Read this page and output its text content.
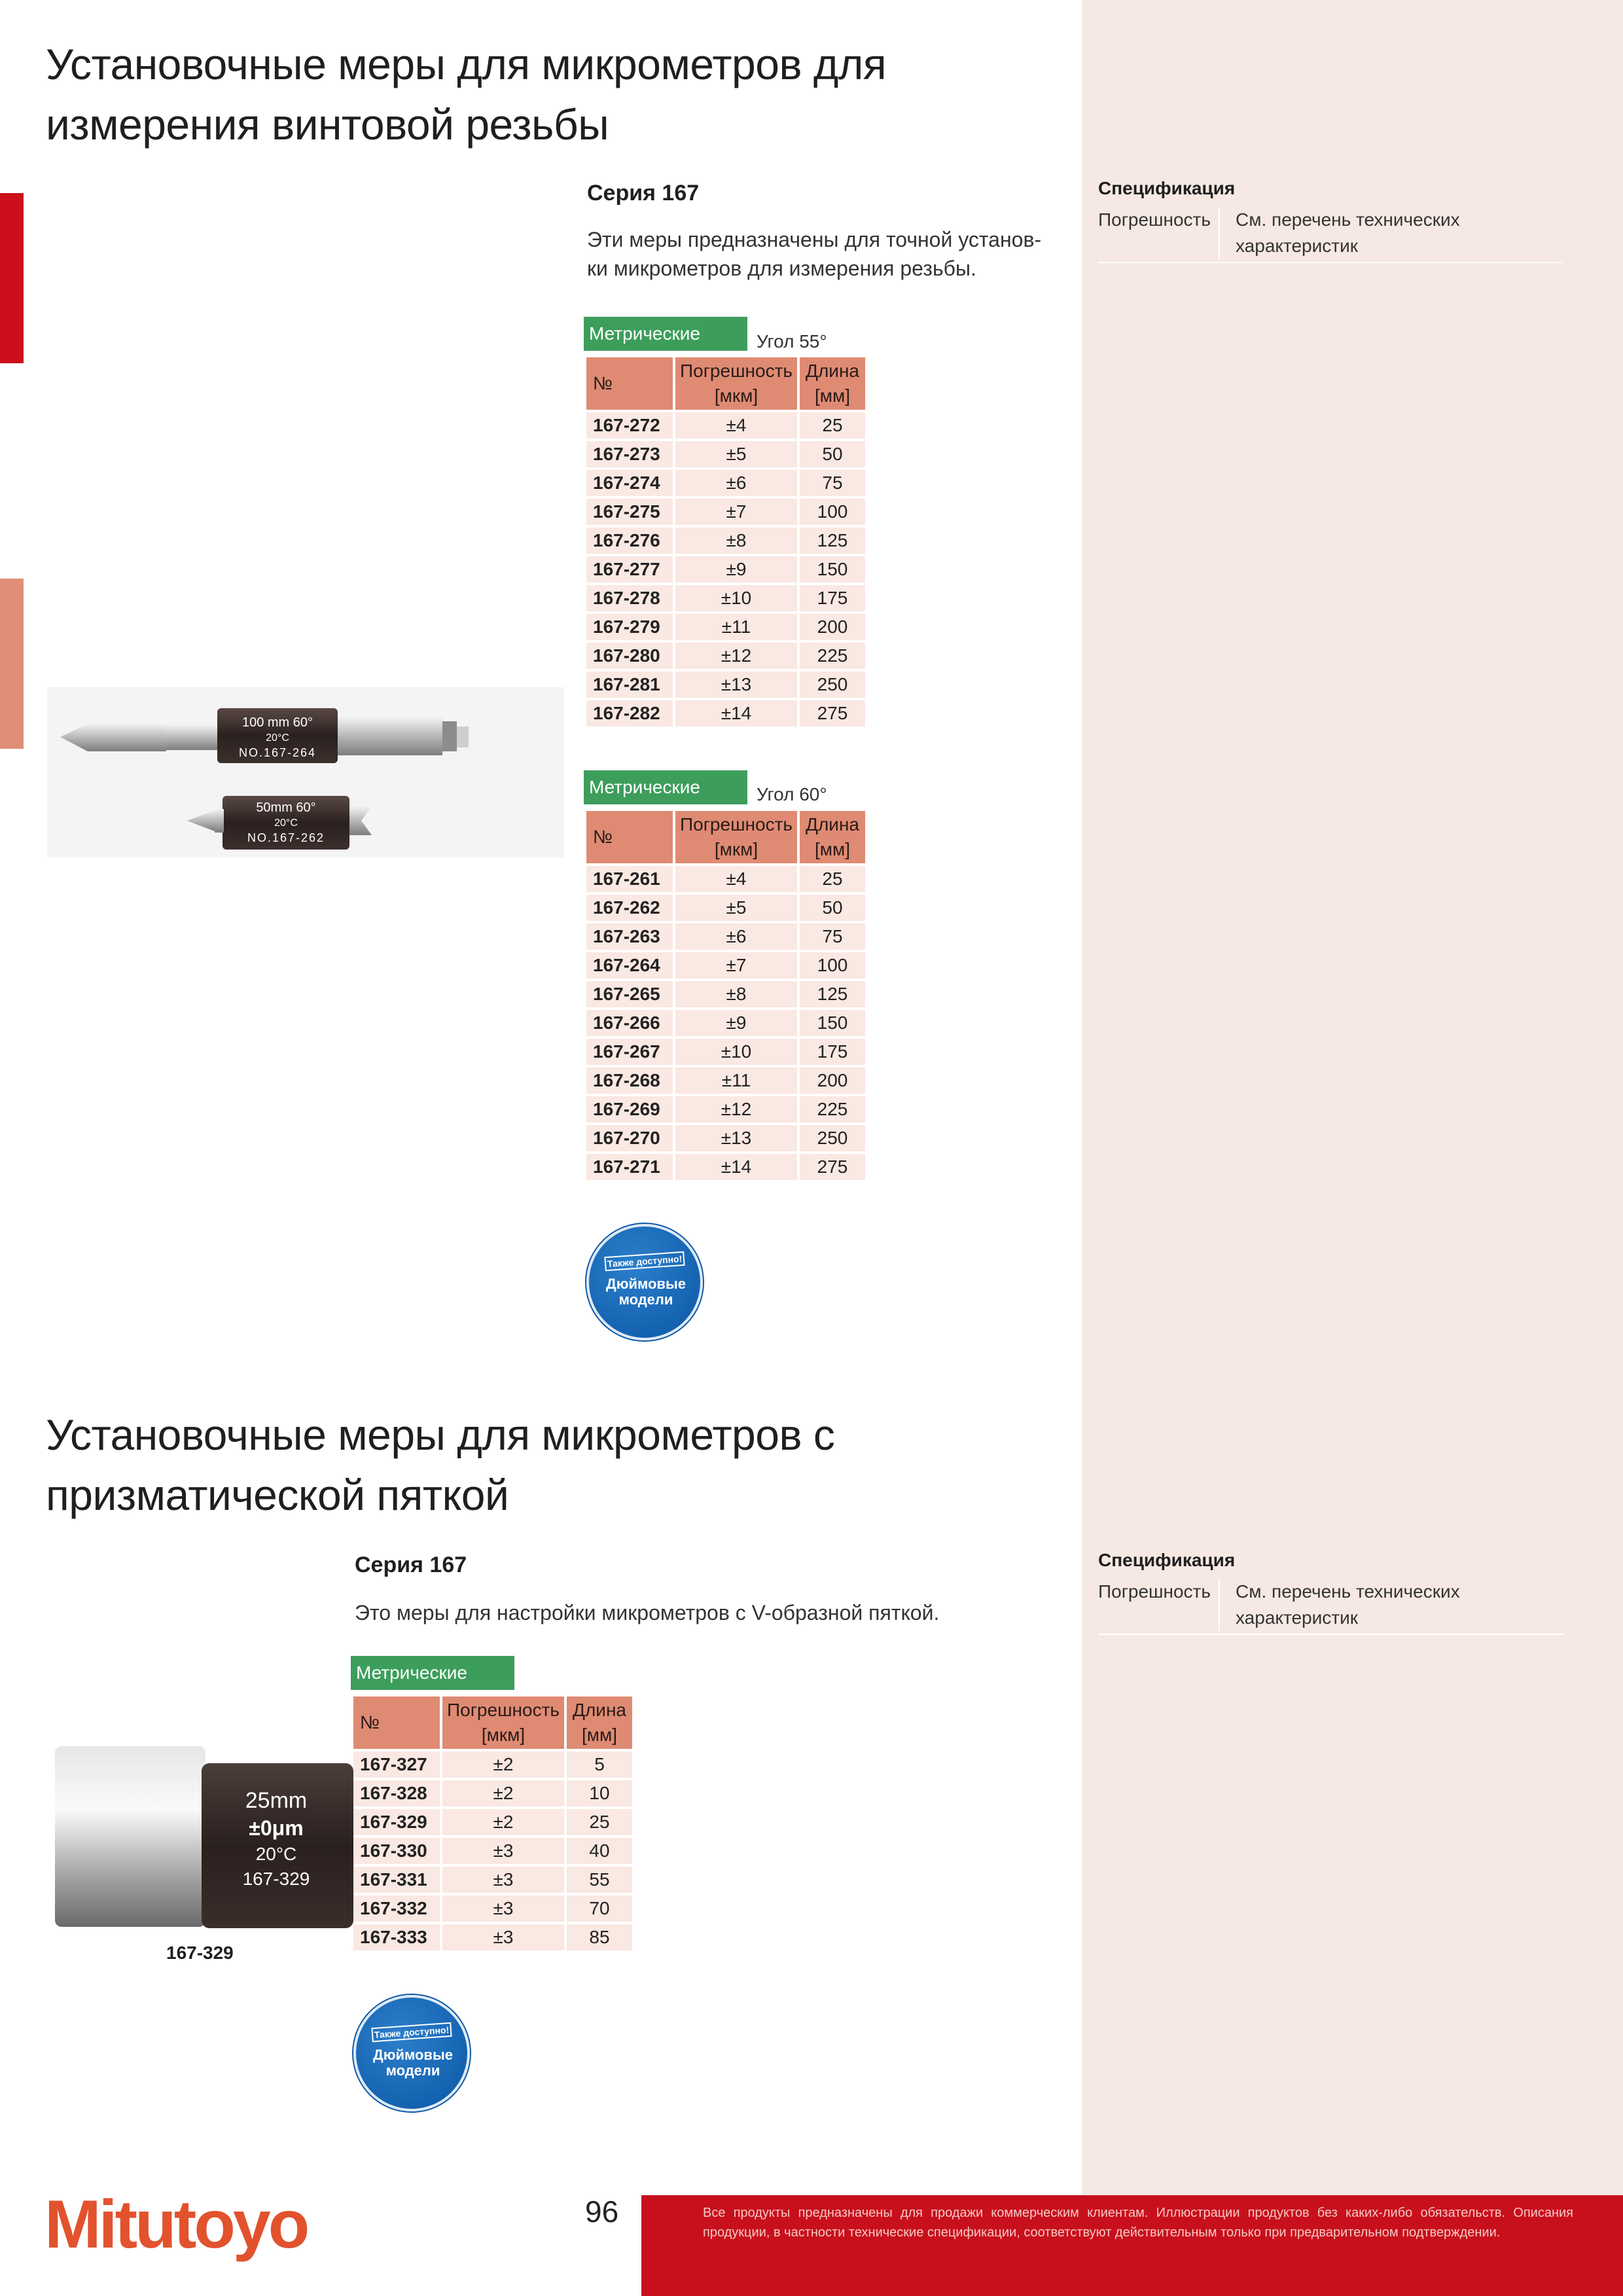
Установочные меры для микрометров для
измерения винтовой резьбы
Серия 167
Эти меры предназначены для точной установ-
ки микрометров для измерения резьбы.
100 mm 60°
20°C
NO.167-264
50mm 60°
20°C
NO.167-262
Метрические	Угол 55°
№	Погрешность [мкм]	Длина [мм]
167-272	±4	25
167-273	±5	50
167-274	±6	75
167-275	±7	100
167-276	±8	125
167-277	±9	150
167-278	±10	175
167-279	±11	200
167-280	±12	225
167-281	±13	250
167-282	±14	275
Метрические	Угол 60°
№	Погрешность [мкм]	Длина [мм]
167-261	±4	25
167-262	±5	50
167-263	±6	75
167-264	±7	100
167-265	±8	125
167-266	±9	150
167-267	±10	175
167-268	±11	200
167-269	±12	225
167-270	±13	250
167-271	±14	275
Также доступно!
Дюймовые модели
Спецификация
Погрешность	См. перечень технических характеристик
Установочные меры для микрометров с
призматической пяткой
Серия 167
Это меры для настройки микрометров с V-образной пяткой.
25mm
±0μm
20°C
167-329
167-329
Метрические
№	Погрешность [мкм]	Длина [мм]
167-327	±2	5
167-328	±2	10
167-329	±2	25
167-330	±3	40
167-331	±3	55
167-332	±3	70
167-333	±3	85
Также доступно!
Дюймовые модели
Спецификация
Погрешность	См. перечень технических характеристик
Mitutoyo	96	Все продукты предназначены для продажи коммерческим клиентам. Иллюстрации продуктов без каких-либо обязательств. Описания продукции, в частности технические спецификации, соответствуют действительным только при предварительном подтверждении.
